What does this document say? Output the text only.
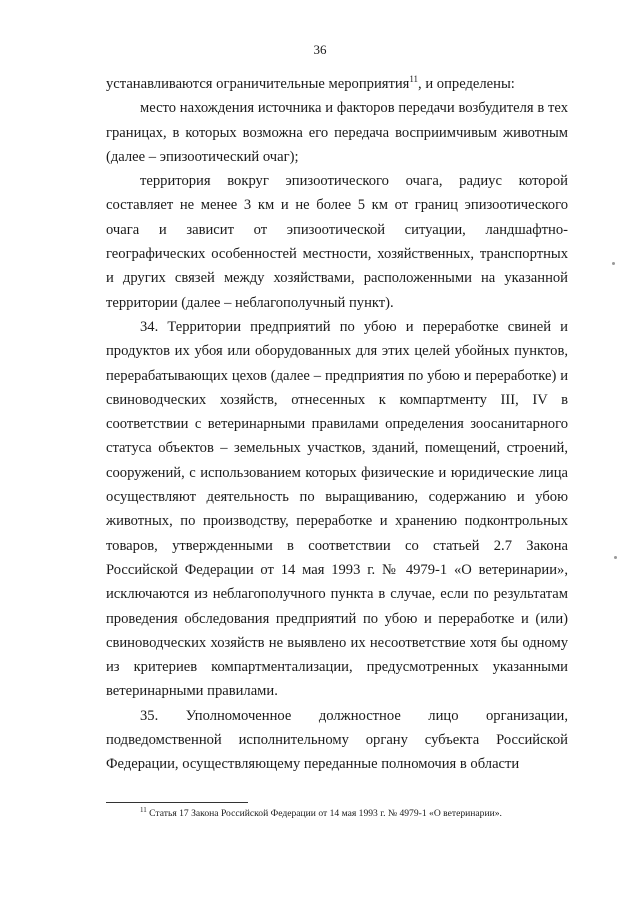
36

устанавливаются ограничительные мероприятия$^{11}$, и определены:

место нахождения источника и факторов передачи возбудителя в тех границах, в которых возможна его передача восприимчивым животным (далее – эпизоотический очаг);

территория вокруг эпизоотического очага, радиус которой составляет не менее 3 км и не более 5 км от границ эпизоотического очага и зависит от эпизоотической ситуации, ландшафтно-географических особенностей местности, хозяйственных, транспортных и других связей между хозяйствами, расположенными на указанной территории (далее – неблагополучный пункт).

34. Территории предприятий по убою и переработке свиней и продуктов их убоя или оборудованных для этих целей убойных пунктов, перерабатывающих цехов (далее – предприятия по убою и переработке) и свиноводческих хозяйств, отнесенных к компартменту III, IV в соответствии с ветеринарными правилами определения зоосанитарного статуса объектов – земельных участков, зданий, помещений, строений, сооружений, с использованием которых физические и юридические лица осуществляют деятельность по выращиванию, содержанию и убою животных, по производству, переработке и хранению подконтрольных товаров, утвержденными в соответствии со статьей 2.7 Закона Российской Федерации от 14 мая 1993 г. № 4979-1 «О ветеринарии», исключаются из неблагополучного пункта в случае, если по результатам проведения обследования предприятий по убою и переработке и (или) свиноводческих хозяйств не выявлено их несоответствие хотя бы одному из критериев компартментализации, предусмотренных указанными ветеринарными правилами.

35. Уполномоченное должностное лицо организации, подведомственной исполнительному органу субъекта Российской Федерации, осуществляющему переданные полномочия в области

$^{11}$ Статья 17 Закона Российской Федерации от 14 мая 1993 г. № 4979-1 «О ветеринарии».
